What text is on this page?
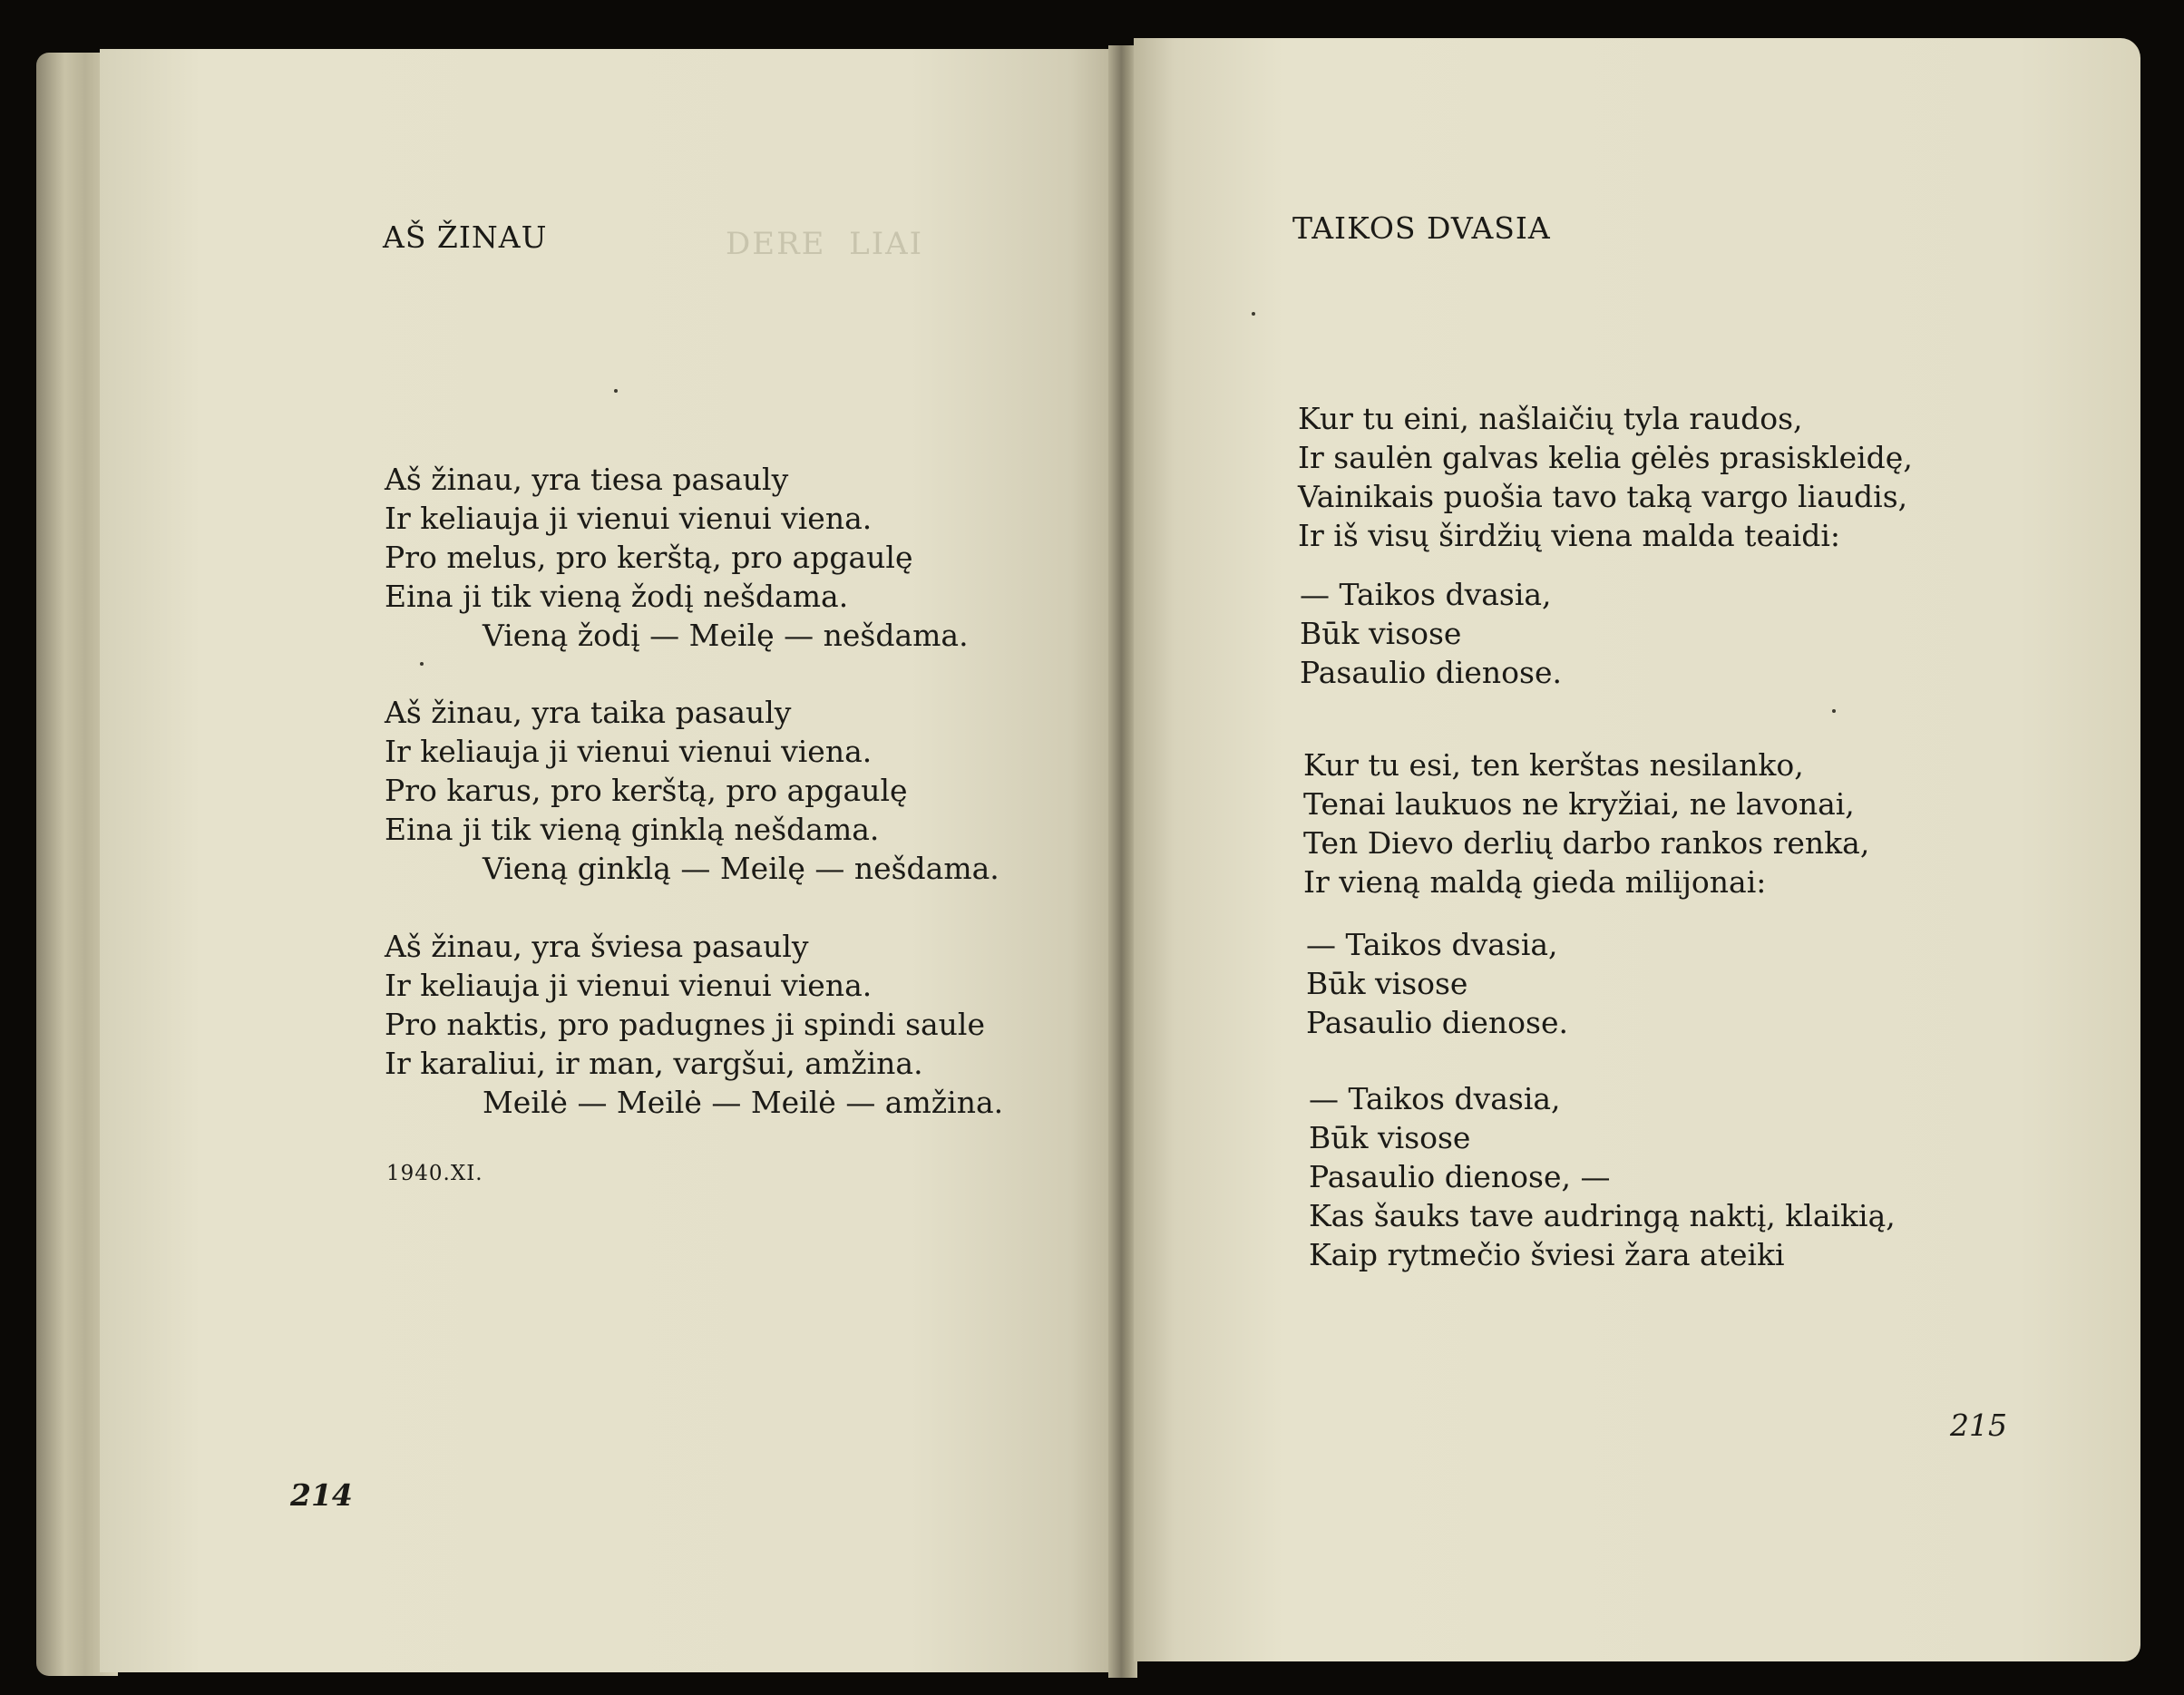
DERE  LIAI
AŠ ŽINAU
Aš žinau, yra tiesa pasauly
Ir keliauja ji vienui vienui viena.
Pro melus, pro kerštą, pro apgaulę
Eina ji tik vieną žodį nešdama.
Vieną žodį — Meilę — nešdama.
Aš žinau, yra taika pasauly
Ir keliauja ji vienui vienui viena.
Pro karus, pro kerštą, pro apgaulę
Eina ji tik vieną ginklą nešdama.
Vieną ginklą — Meilę — nešdama.
Aš žinau, yra šviesa pasauly
Ir keliauja ji vienui vienui viena.
Pro naktis, pro padugnes ji spindi saule
Ir karaliui, ir man, vargšui, amžina.
Meilė — Meilė — Meilė — amžina.
1940.XI.
214
TAIKOS DVASIA
Kur tu eini, našlaičių tyla raudos,
Ir saulėn galvas kelia gėlės prasiskleidę,
Vainikais puošia tavo taką vargo liaudis,
Ir iš visų širdžių viena malda teaidi:
— Taikos dvasia,
Būk visose
Pasaulio dienose.
Kur tu esi, ten kerštas nesilanko,
Tenai laukuos ne kryžiai, ne lavonai,
Ten Dievo derlių darbo rankos renka,
Ir vieną maldą gieda milijonai:
— Taikos dvasia,
Būk visose
Pasaulio dienose.
— Taikos dvasia,
Būk visose
Pasaulio dienose, —
Kas šauks tave audringą naktį, klaikią,
Kaip rytmečio šviesi žara ateiki
215
